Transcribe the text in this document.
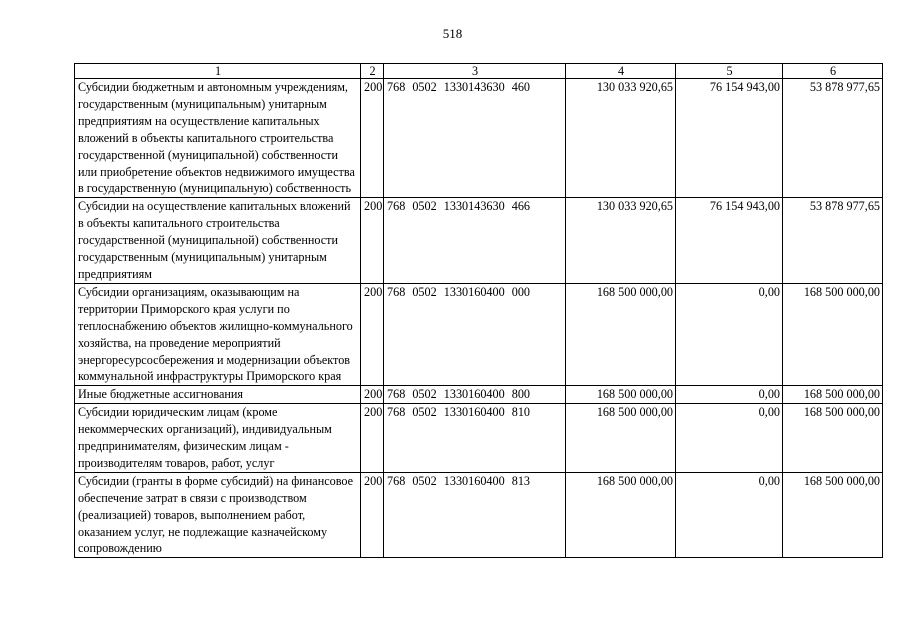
518
1	2	3	4	5	6
Субсидии бюджетным и автономным учреждениям, государственным (муниципальным) унитарным предприятиям на осуществление капитальных вложений в объекты капитального строительства государственной (муниципальной) собственности или приобретение объектов недвижимого имущества в государственную (муниципальную) собственность	200	768 0502 1330143630 460	130 033 920,65	76 154 943,00	53 878 977,65
Субсидии на осуществление капитальных вложений в объекты капитального строительства государственной (муниципальной) собственности государственным (муниципальным) унитарным предприятиям	200	768 0502 1330143630 466	130 033 920,65	76 154 943,00	53 878 977,65
Субсидии организациям, оказывающим на территории Приморского края услуги по теплоснабжению объектов жилищно-коммунального хозяйства, на проведение мероприятий энергоресурсосбережения и модернизации объектов коммунальной инфраструктуры Приморского края	200	768 0502 1330160400 000	168 500 000,00	0,00	168 500 000,00
Иные бюджетные ассигнования	200	768 0502 1330160400 800	168 500 000,00	0,00	168 500 000,00
Субсидии юридическим лицам (кроме некоммерческих организаций), индивидуальным предпринимателям, физическим лицам - производителям товаров, работ, услуг	200	768 0502 1330160400 810	168 500 000,00	0,00	168 500 000,00
Субсидии (гранты в форме субсидий) на финансовое обеспечение затрат в связи с производством (реализацией) товаров, выполнением работ, оказанием услуг, не подлежащие казначейскому сопровождению	200	768 0502 1330160400 813	168 500 000,00	0,00	168 500 000,00
